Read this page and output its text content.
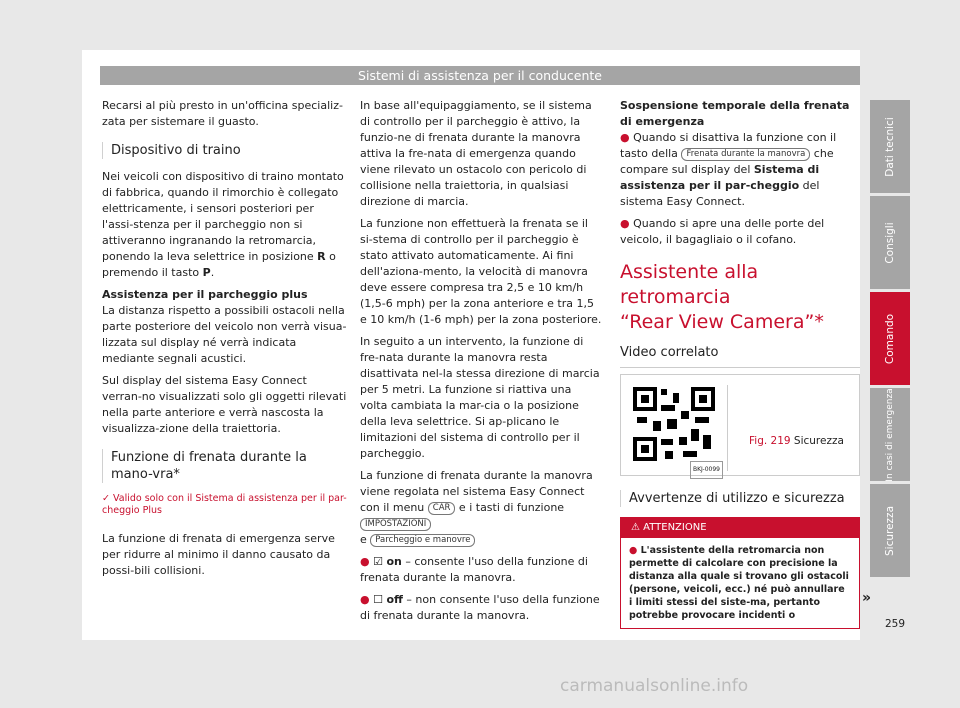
Sistemi di assistenza per il conducente

Recarsi al più presto in un'officina specializ-zata per sistemare il guasto.

Dispositivo di traino

Nei veicoli con dispositivo di traino montato di fabbrica, quando il rimorchio è collegato elettricamente, i sensori posteriori per l'assi-stenza per il parcheggio non si attiveranno ingranando la retromarcia, ponendo la leva selettrice in posizione R o premendo il tasto P.

Assistenza per il parcheggio plus

La distanza rispetto a possibili ostacoli nella parte posteriore del veicolo non verrà visua-lizzata sul display né verrà indicata mediante segnali acustici.

Sul display del sistema Easy Connect verran-no visualizzati solo gli oggetti rilevati nella parte anteriore e verrà nascosta la visualizza-zione della traiettoria.

Funzione di frenata durante la mano-vra*
✓ Valido solo con il Sistema di assistenza per il par-cheggio Plus

La funzione di frenata di emergenza serve per ridurre al minimo il danno causato da possi-bili collisioni.

In base all'equipaggiamento, se il sistema di controllo per il parcheggio è attivo, la funzio-ne di frenata durante la manovra attiva la fre-nata di emergenza quando viene rilevato un ostacolo con pericolo di collisione nella traiettoria, in qualsiasi direzione di marcia.

La funzione non effettuerà la frenata se il si-stema di controllo per il parcheggio è stato attivato automaticamente. Ai fini dell'aziona-mento, la velocità di manovra deve essere compresa tra 2,5 e 10 km/h (1,5-6 mph) per la zona anteriore e tra 1,5 e 10 km/h (1-6 mph) per la zona posteriore.

In seguito a un intervento, la funzione di fre-nata durante la manovra resta disattivata nel-la stessa direzione di marcia per 5 metri. La funzione si riattiva una volta cambiata la mar-cia o la posizione della leva selettrice. Si ap-plicano le limitazioni del sistema di controllo per il parcheggio.

La funzione di frenata durante la manovra viene regolata nel sistema Easy Connect con il menu CAR e i tasti di funzione IMPOSTAZIONI
e Parcheggio e manovre

● ☑ on – consente l'uso della funzione di frenata durante la manovra.

● ☐ off – non consente l'uso della funzione di frenata durante la manovra.

Sospensione temporale della frenata di emergenza

● Quando si disattiva la funzione con il tasto della Frenata durante la manovra che compare sul display del Sistema di assistenza per il par-cheggio del sistema Easy Connect.

● Quando si apre una delle porte del veicolo, il bagagliaio o il cofano.

Assistente alla retromarcia
“Rear View Camera”*
Video correlato
BKJ-0099
Fig. 219 Sicurezza
Avvertenze di utilizzo e sicurezza
⚠ ATTENZIONE
● L'assistente della retromarcia non permette di calcolare con precisione la distanza alla quale si trovano gli ostacoli (persone, veicoli, ecc.) né può annullare i limiti stessi del siste-ma, pertanto potrebbe provocare incidenti o
»
Dati tecnici
Consigli
Comando
In casi di emergenza
Sicurezza
259
carmanualsonline.info
